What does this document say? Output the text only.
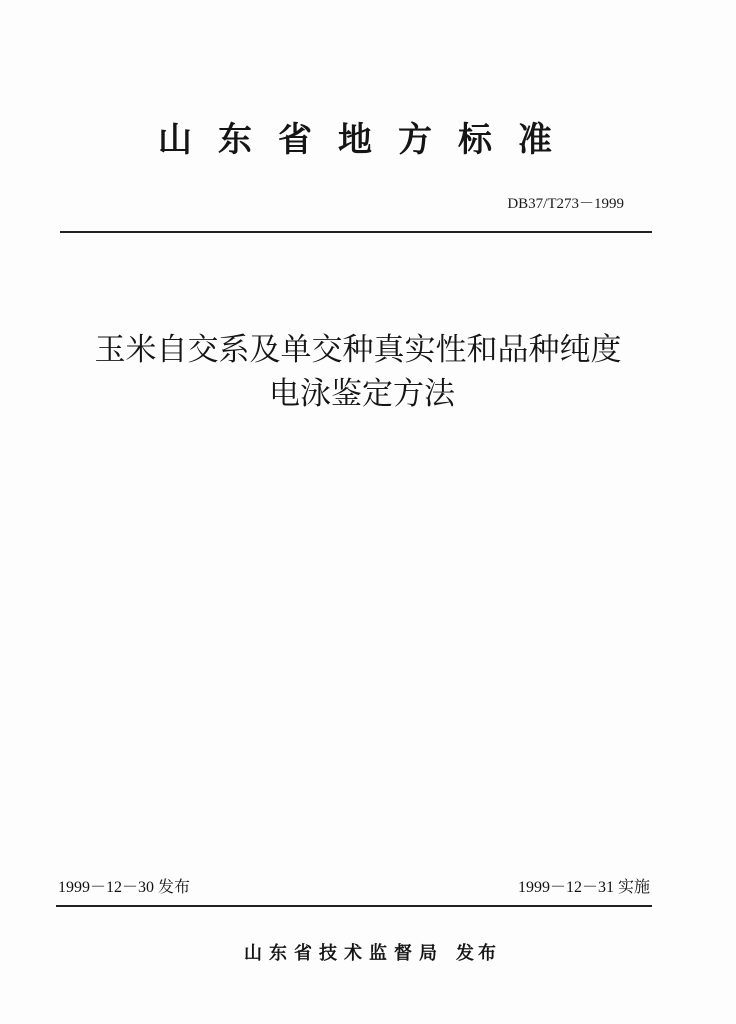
山东省地方标准
DB37/T273－1999
玉米自交系及单交种真实性和品种纯度
电泳鉴定方法
1999－12－30 发布	1999－12－31 实施
山东省技术监督局 发布
